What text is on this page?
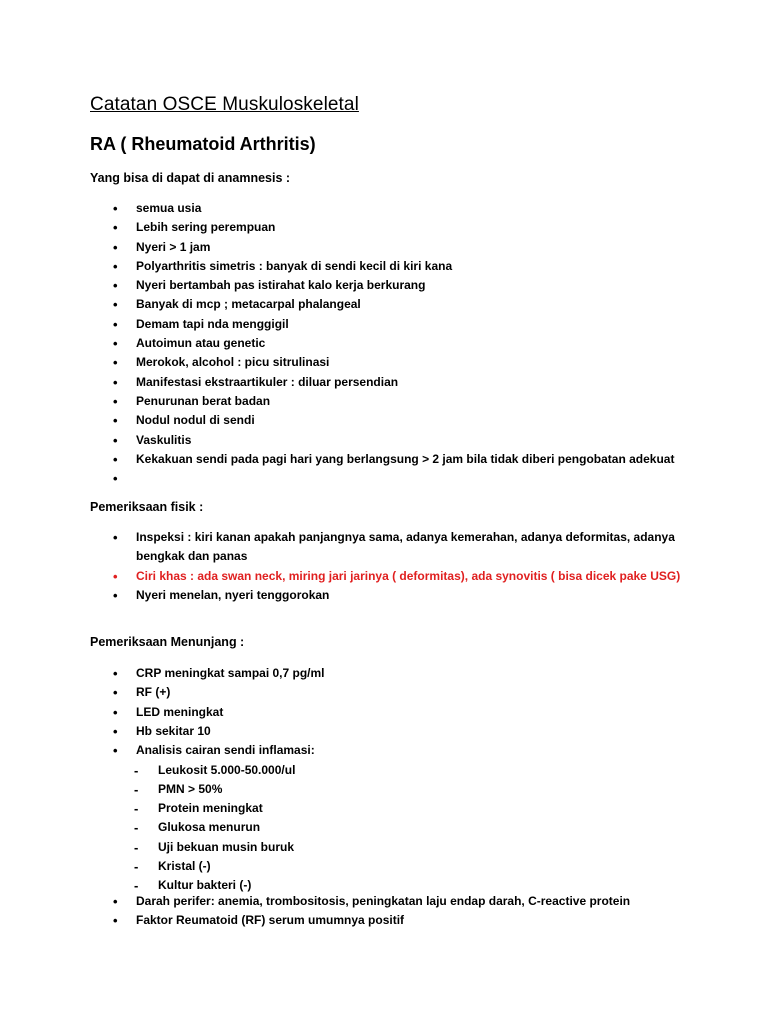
Catatan OSCE Muskuloskeletal
RA ( Rheumatoid Arthritis)

Yang bisa di dapat di anamnesis :

• semua usia
• Lebih sering perempuan
• Nyeri > 1 jam
• Polyarthritis simetris : banyak di sendi kecil di kiri kana
• Nyeri bertambah pas istirahat kalo kerja berkurang
• Banyak di mcp ; metacarpal phalangeal
• Demam tapi nda menggigil
• Autoimun atau genetic
• Merokok, alcohol : picu sitrulinasi
• Manifestasi ekstraartikuler : diluar persendian
• Penurunan berat badan
• Nodul nodul di sendi
• Vaskulitis
• Kekakuan sendi pada pagi hari yang berlangsung > 2 jam bila tidak diberi pengobatan adekuat
•

Pemeriksaan fisik :

• Inspeksi : kiri kanan apakah panjangnya sama, adanya kemerahan, adanya deformitas, adanya bengkak dan panas
• Ciri khas : ada swan neck, miring jari jarinya ( deformitas), ada synovitis ( bisa dicek pake USG)
• Nyeri menelan, nyeri tenggorokan

Pemeriksaan Menunjang :

• CRP meningkat sampai 0,7 pg/ml
• RF (+)
• LED meningkat
• Hb sekitar 10
• Analisis cairan sendi inflamasi:
- Leukosit 5.000-50.000/ul
- PMN > 50%
- Protein meningkat
- Glukosa menurun
- Uji bekuan musin buruk
- Kristal (-)
- Kultur bakteri (-)
• Darah perifer: anemia, trombositosis, peningkatan laju endap darah, C-reactive protein
• Faktor Reumatoid (RF) serum umumnya positif
